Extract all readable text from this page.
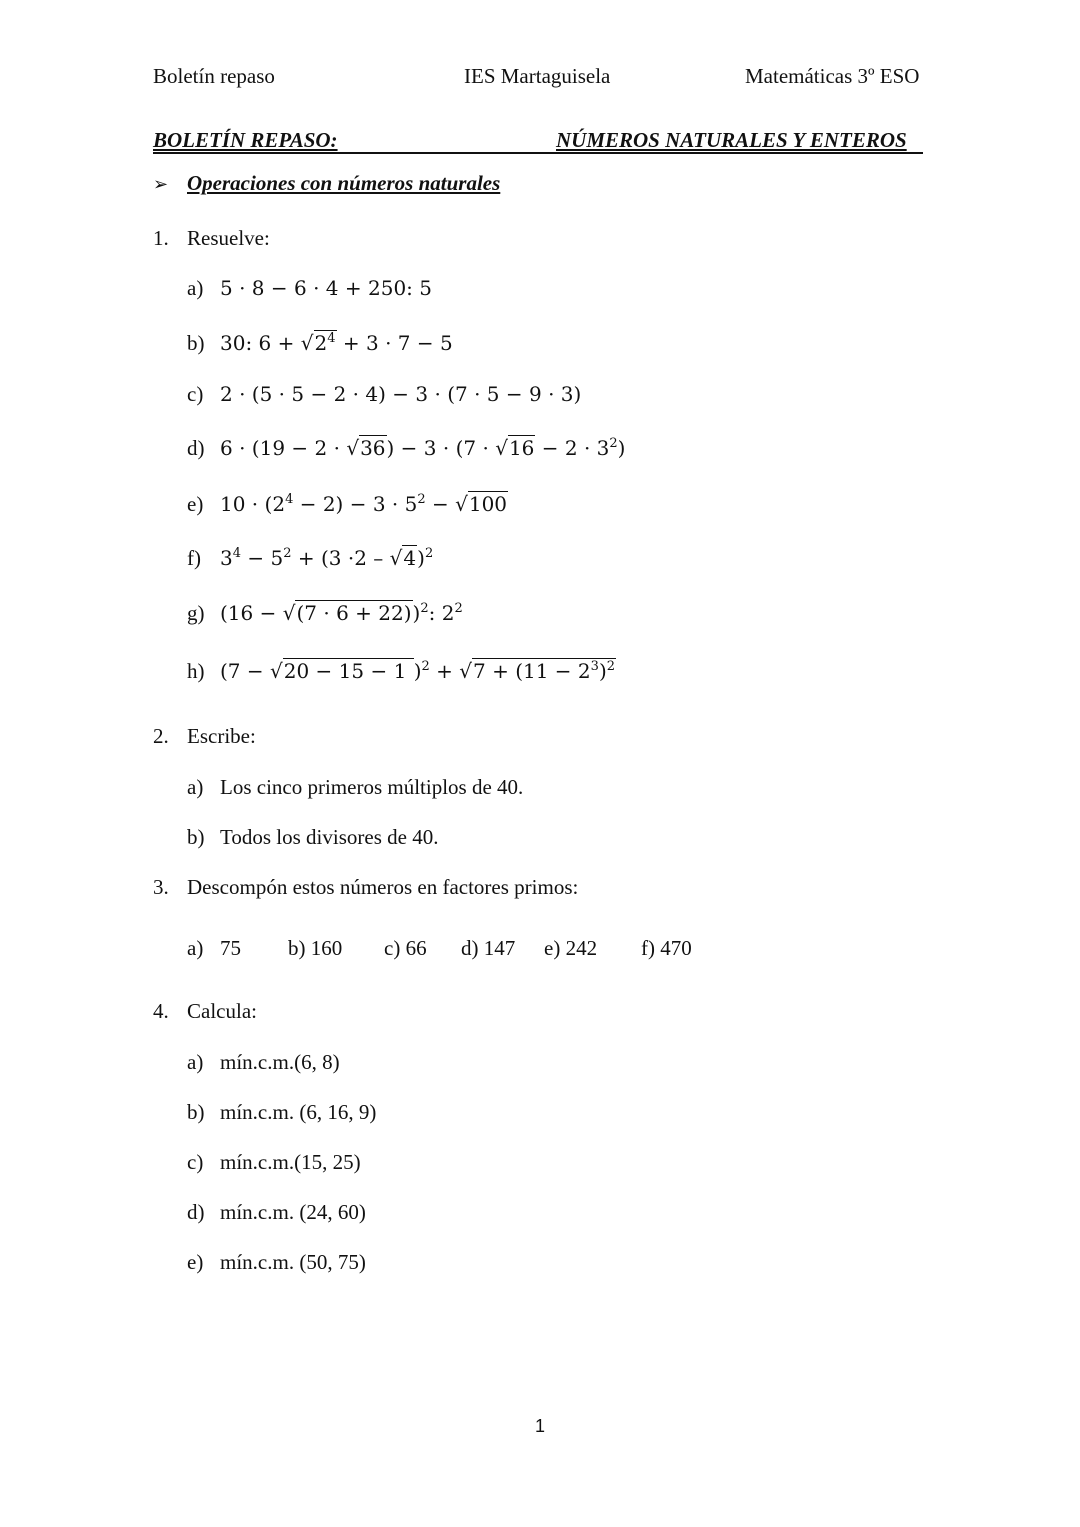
Boletín repaso	IES Martaguisela	Matemáticas 3º ESO
BOLETÍN REPASO:	NÚMEROS NATURALES Y ENTEROS
➢ Operaciones con números naturales
1. Resuelve:
a) 5 · 8 − 6 · 4 + 250: 5
b) 30: $6 + √2^4 + 3 \cdot 7 - 5$
c) 2 · (5 · 5 − 2 · 4) − 3 · (7 · 5 − 9 · 3)
d) $6 \cdot (19 - 2 \cdot √36) - 3 \cdot (7 \cdot √16 - 2 \cdot 3^2)$
e) $10 \cdot (2^4 - 2) - 3 \cdot 5^2 - √100$
f) $3^4 - 5^2 + (3 \cdot 2 - √4)^2$
g) $(16 - √(7 \cdot 6 + 22))^2$: $2^2$
h) (7 − √20 − 15 − 1 )$^2 + √7 + (11 - 2^3)^2$
2. Escribe:
a) Los cinco primeros múltiplos de 40.
b) Todos los divisores de 40.
3. Descompón estos números en factores primos:
a) 75 b) 160 c) 66 d) 147 e) 242 f) 470
4. Calcula:
a) mín.c.m.(6, 8)
b) mín.c.m. (6, 16, 9)
c) mín.c.m.(15, 25)
d) mín.c.m. (24, 60)
e) mín.c.m. (50, 75)
1
